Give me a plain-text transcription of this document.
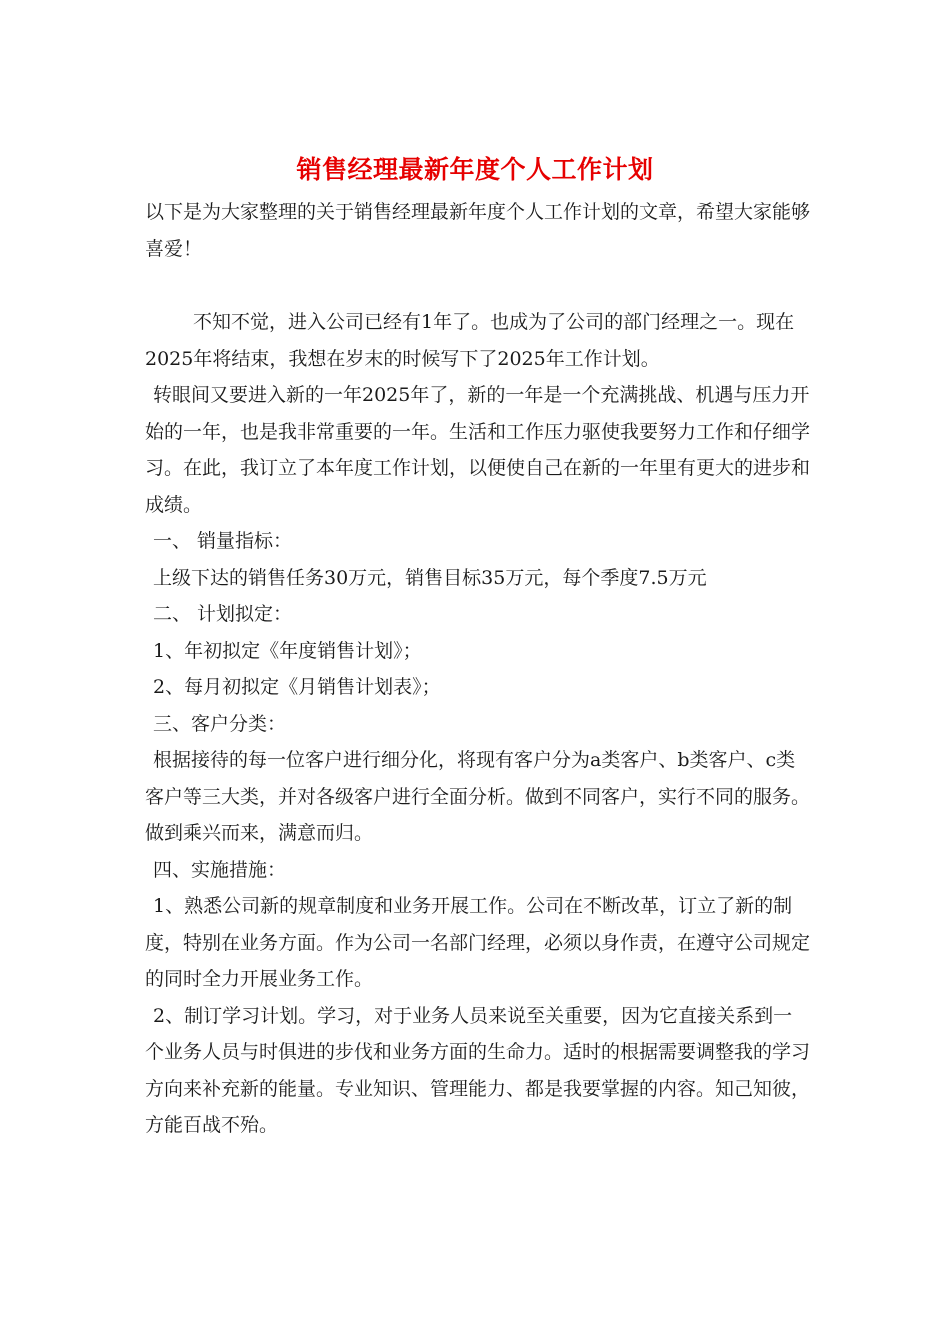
销售经理最新年度个人工作计划

以下是为大家整理的关于销售经理最新年度个人工作计划的文章，希望大家能够喜爱！

不知不觉，进入公司已经有1年了。也成为了公司的部门经理之一。现在2025年将结束，我想在岁末的时候写下了2025年工作计划。

转眼间又要进入新的一年2025年了，新的一年是一个充满挑战、机遇与压力开始的一年，也是我非常重要的一年。生活和工作压力驱使我要努力工作和仔细学习。在此，我订立了本年度工作计划，以便使自己在新的一年里有更大的进步和成绩。

一、 销量指标：

上级下达的销售任务30万元，销售目标35万元，每个季度7.5万元

二、 计划拟定：

1、年初拟定《年度销售计划》；

2、每月初拟定《月销售计划表》；

三、客户分类：

根据接待的每一位客户进行细分化，将现有客户分为a类客户、b类客户、c类客户等三大类，并对各级客户进行全面分析。做到不同客户，实行不同的服务。做到乘兴而来，满意而归。

四、实施措施：

1、熟悉公司新的规章制度和业务开展工作。公司在不断改革，订立了新的制度，特别在业务方面。作为公司一名部门经理，必须以身作责，在遵守公司规定的同时全力开展业务工作。

2、制订学习计划。学习，对于业务人员来说至关重要，因为它直接关系到一个业务人员与时俱进的步伐和业务方面的生命力。适时的根据需要调整我的学习方向来补充新的能量。专业知识、管理能力、都是我要掌握的内容。知己知彼，方能百战不殆。
